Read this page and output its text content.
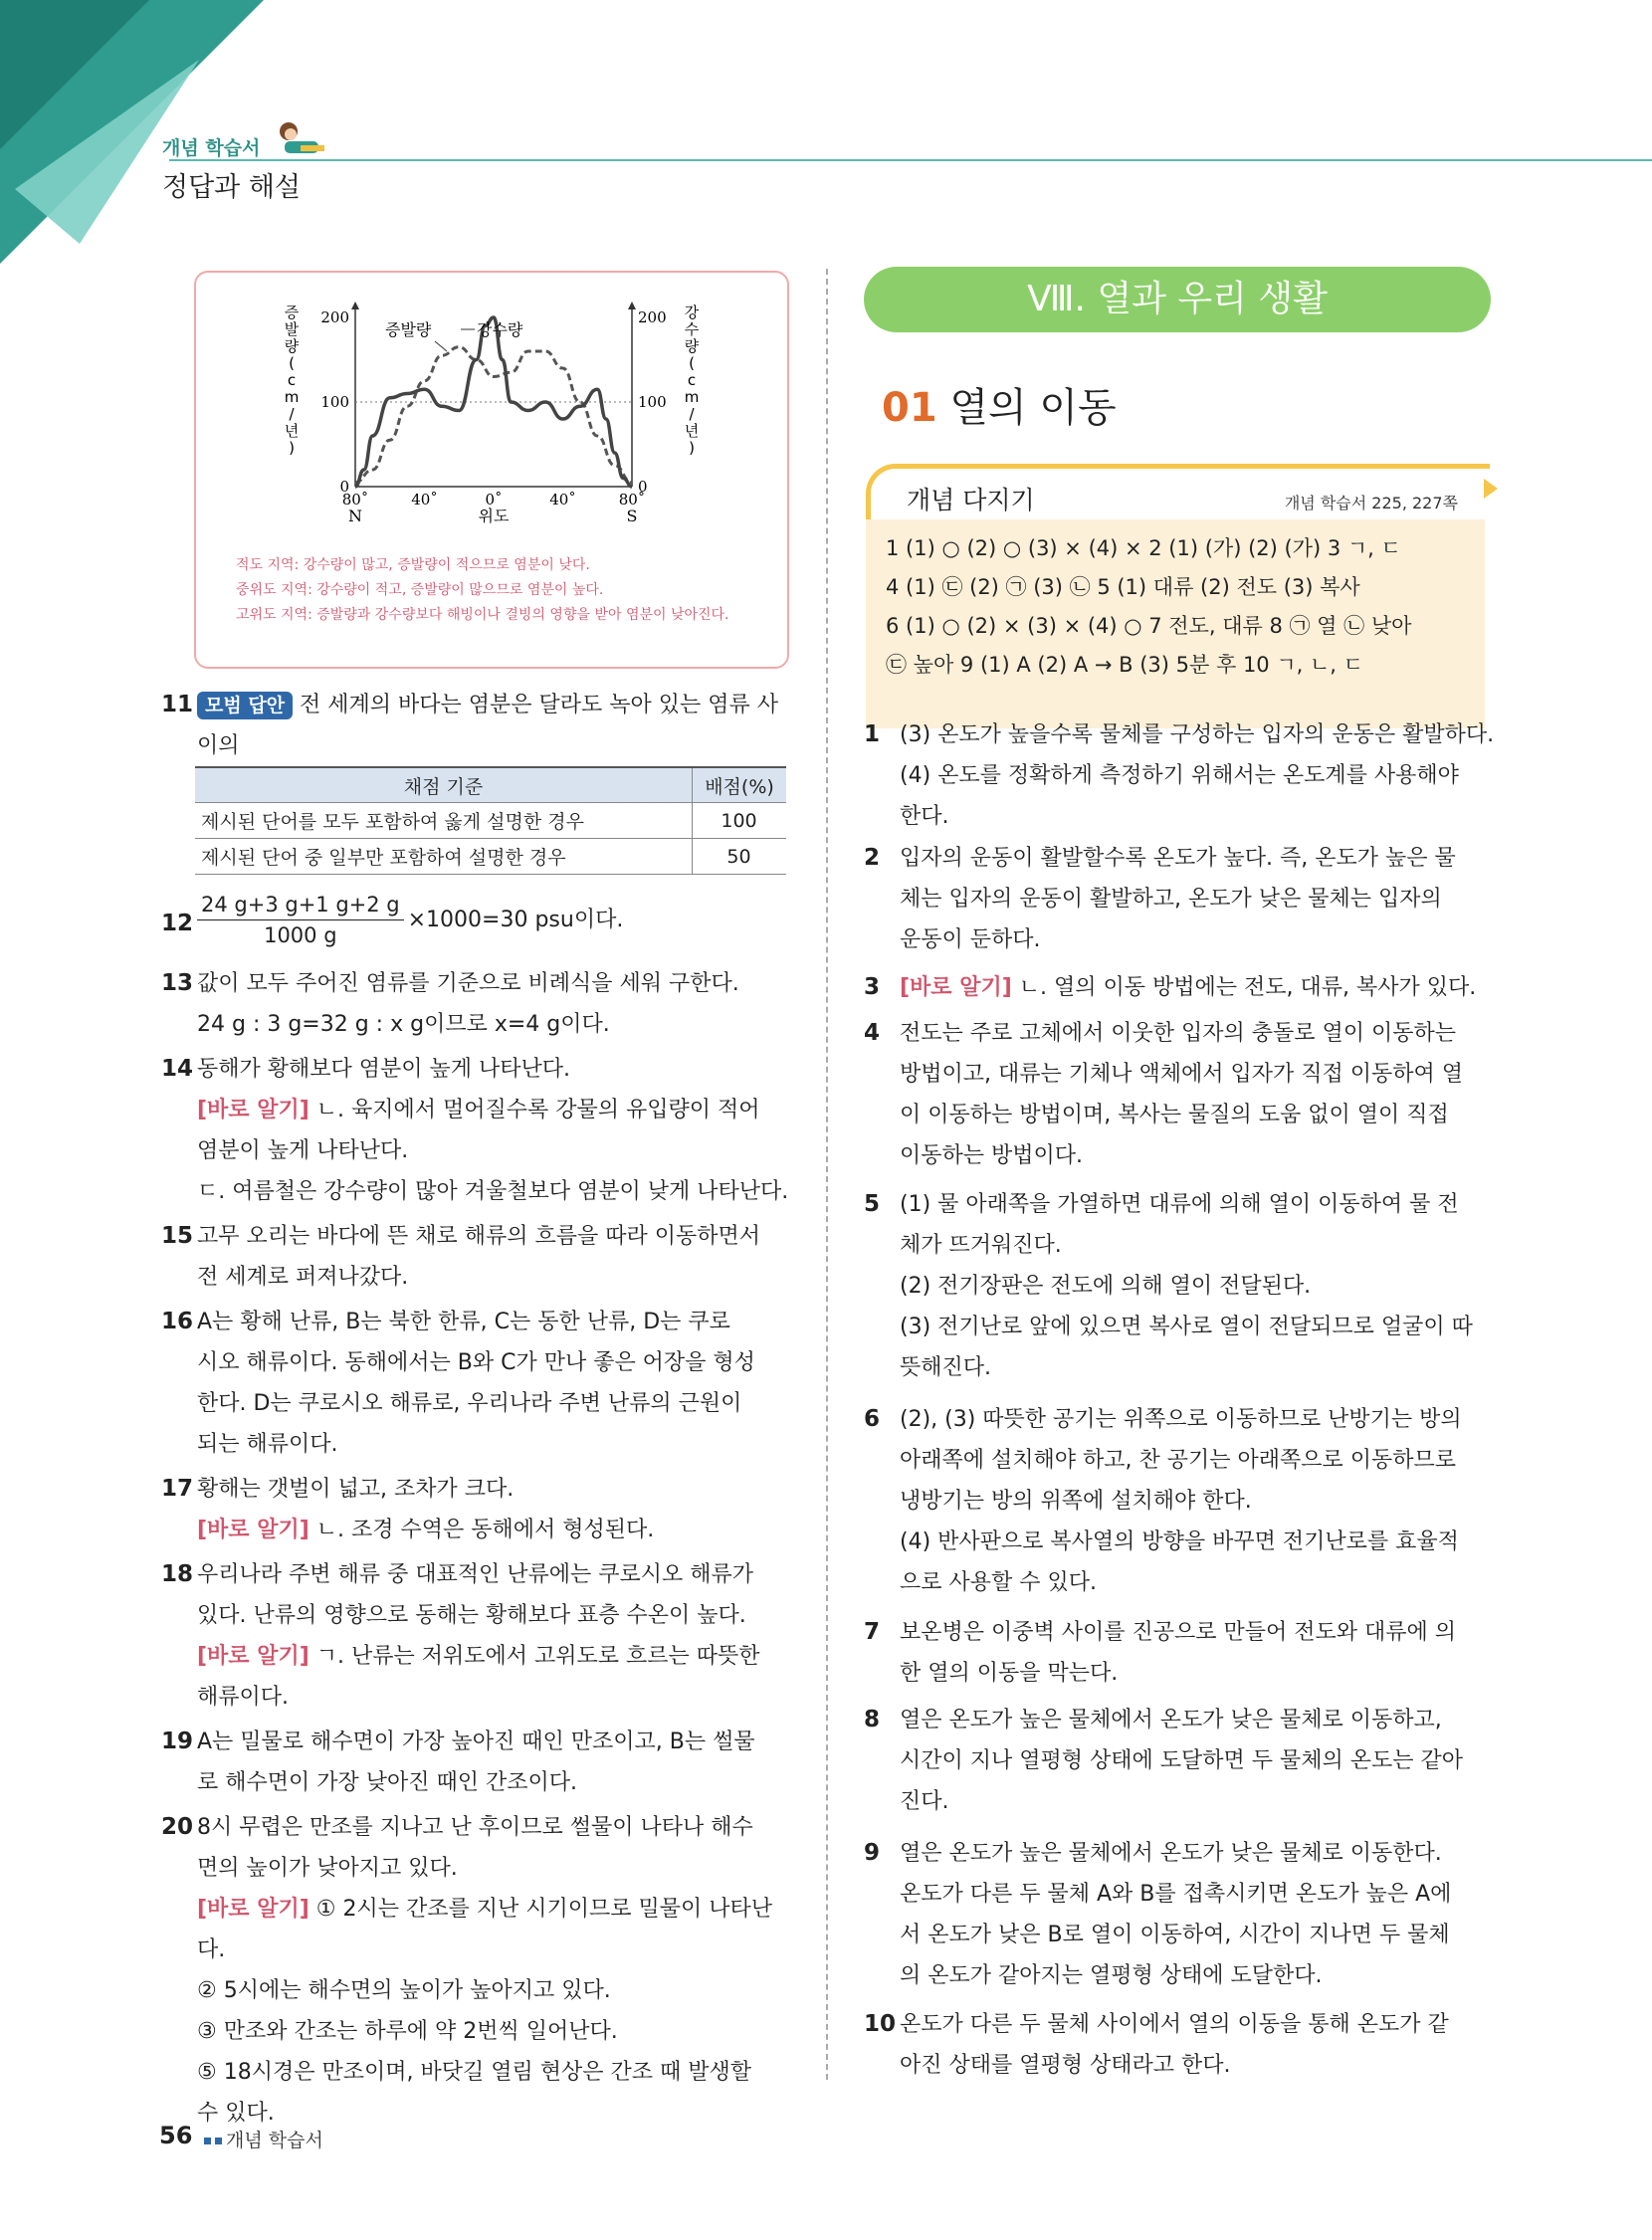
개념 학습서
정답과 해설
0	0
100	100
200	200
80˚
N
40˚	0˚
위도
40˚	80˚
S
증
발
량
(
c
m
/
년
)
강
수
량
(
c
m
/
년
)
증발량	강수량
적도 지역: 강수량이 많고, 증발량이 적으므로 염분이 낮다.
중위도 지역: 강수량이 적고, 증발량이 많으므로 염분이 높다.
고위도 지역: 증발량과 강수량보다 해빙이나 결빙의 영향을 받아 염분이 낮아진다.
11 모범 답안 전 세계의 바다는 염분은 달라도 녹아 있는 염류 사이의
채점 기준	배점(%)
제시된 단어를 모두 포함하여 옳게 설명한 경우	100
제시된 단어 중 일부만 포함하여 설명한 경우	50
$12 \frac{24 g+3 g+1 g+2 g}{1000 g} \times 1000=30$ psu이다.
13 값이 모두 주어진 염류를 기준으로 비례식을 세워 구한다.
24 g : 3 g=32 g : x g이므로 x=4 g이다.
14 동해가 황해보다 염분이 높게 나타난다.
[바로 알기] ㄴ. 육지에서 멀어질수록 강물의 유입량이 적어
염분이 높게 나타난다.
ㄷ. 여름철은 강수량이 많아 겨울철보다 염분이 낮게 나타난다.
15 고무 오리는 바다에 뜬 채로 해류의 흐름을 따라 이동하면서
전 세계로 퍼져나갔다.
16 A는 황해 난류, B는 북한 한류, C는 동한 난류, D는 쿠로
시오 해류이다. 동해에서는 B와 C가 만나 좋은 어장을 형성
한다. D는 쿠로시오 해류로, 우리나라 주변 난류의 근원이
되는 해류이다.
17 황해는 갯벌이 넓고, 조차가 크다.
[바로 알기] ㄴ. 조경 수역은 동해에서 형성된다.
18 우리나라 주변 해류 중 대표적인 난류에는 쿠로시오 해류가
있다. 난류의 영향으로 동해는 황해보다 표층 수온이 높다.
[바로 알기] ㄱ. 난류는 저위도에서 고위도로 흐르는 따뜻한
해류이다.
19 A는 밀물로 해수면이 가장 높아진 때인 만조이고, B는 썰물
로 해수면이 가장 낮아진 때인 간조이다.
20 8시 무렵은 만조를 지나고 난 후이므로 썰물이 나타나 해수
면의 높이가 낮아지고 있다.
[바로 알기] ① 2시는 간조를 지난 시기이므로 밀물이 나타난다.
② 5시에는 해수면의 높이가 높아지고 있다.
③ 만조와 간조는 하루에 약 2번씩 일어난다.
⑤ 18시경은 만조이며, 바닷길 열림 현상은 간조 때 발생할
수 있다.
Ⅷ. 열과 우리 생활
01 열의 이동
개념 다지기	개념 학습서 225, 227쪽
1 (1) ○ (2) ○ (3) × (4) × 2 (1) (가) (2) (가) 3 ㄱ, ㄷ
4 (1) ㉢ (2) ㉠ (3) ㉡ 5 (1) 대류 (2) 전도 (3) 복사
6 (1) ○ (2) × (3) × (4) ○ 7 전도, 대류 8 ㉠ 열 ㉡ 낮아
㉢ 높아 9 (1) A (2) A → B (3) 5분 후 10 ㄱ, ㄴ, ㄷ
1 (3) 온도가 높을수록 물체를 구성하는 입자의 운동은 활발하다.
(4) 온도를 정확하게 측정하기 위해서는 온도계를 사용해야
한다.
2 입자의 운동이 활발할수록 온도가 높다. 즉, 온도가 높은 물
체는 입자의 운동이 활발하고, 온도가 낮은 물체는 입자의
운동이 둔하다.
3 [바로 알기] ㄴ. 열의 이동 방법에는 전도, 대류, 복사가 있다.
4 전도는 주로 고체에서 이웃한 입자의 충돌로 열이 이동하는
방법이고, 대류는 기체나 액체에서 입자가 직접 이동하여 열
이 이동하는 방법이며, 복사는 물질의 도움 없이 열이 직접
이동하는 방법이다.
5 (1) 물 아래쪽을 가열하면 대류에 의해 열이 이동하여 물 전
체가 뜨거워진다.
(2) 전기장판은 전도에 의해 열이 전달된다.
(3) 전기난로 앞에 있으면 복사로 열이 전달되므로 얼굴이 따
뜻해진다.
6 (2), (3) 따뜻한 공기는 위쪽으로 이동하므로 난방기는 방의
아래쪽에 설치해야 하고, 찬 공기는 아래쪽으로 이동하므로
냉방기는 방의 위쪽에 설치해야 한다.
(4) 반사판으로 복사열의 방향을 바꾸면 전기난로를 효율적
으로 사용할 수 있다.
7 보온병은 이중벽 사이를 진공으로 만들어 전도와 대류에 의
한 열의 이동을 막는다.
8 열은 온도가 높은 물체에서 온도가 낮은 물체로 이동하고,
시간이 지나 열평형 상태에 도달하면 두 물체의 온도는 같아
진다.
9 열은 온도가 높은 물체에서 온도가 낮은 물체로 이동한다.
온도가 다른 두 물체 A와 B를 접촉시키면 온도가 높은 A에
서 온도가 낮은 B로 열이 이동하여, 시간이 지나면 두 물체
의 온도가 같아지는 열평형 상태에 도달한다.
10 온도가 다른 두 물체 사이에서 열의 이동을 통해 온도가 같
아진 상태를 열평형 상태라고 한다.
56	개념 학습서
